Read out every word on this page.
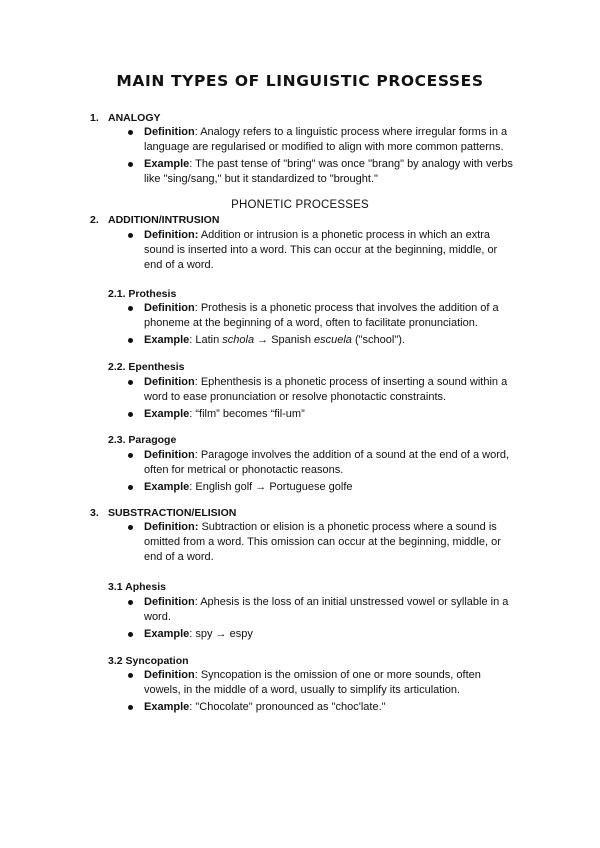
MAIN TYPES OF LINGUISTIC PROCESSES
1. ANALOGY
Definition: Analogy refers to a linguistic process where irregular forms in a language are regularised or modified to align with more common patterns.
Example: The past tense of "bring" was once "brang" by analogy with verbs like "sing/sang," but it standardized to "brought."
PHONETIC PROCESSES
2. ADDITION/INTRUSION
Definition: Addition or intrusion is a phonetic process in which an extra sound is inserted into a word. This can occur at the beginning, middle, or end of a word.
2.1. Prothesis
Definition: Prothesis is a phonetic process that involves the addition of a phoneme at the beginning of a word, often to facilitate pronunciation.
Example: Latin schola → Spanish escuela ("school").
2.2. Epenthesis
Definition: Ephenthesis is a phonetic process of inserting a sound within a word to ease pronunciation or resolve phonotactic constraints.
Example: “film” becomes “fil-um”
2.3. Paragoge
Definition: Paragoge involves the addition of a sound at the end of a word, often for metrical or phonotactic reasons.
Example: English golf → Portuguese golfe
3. SUBSTRACTION/ELISION
Definition: Subtraction or elision is a phonetic process where a sound is omitted from a word. This omission can occur at the beginning, middle, or end of a word.
3.1 Aphesis
Definition: Aphesis is the loss of an initial unstressed vowel or syllable in a word.
Example: spy → espy
3.2 Syncopation
Definition: Syncopation is the omission of one or more sounds, often vowels, in the middle of a word, usually to simplify its articulation.
Example: "Chocolate" pronounced as "choc'late."
